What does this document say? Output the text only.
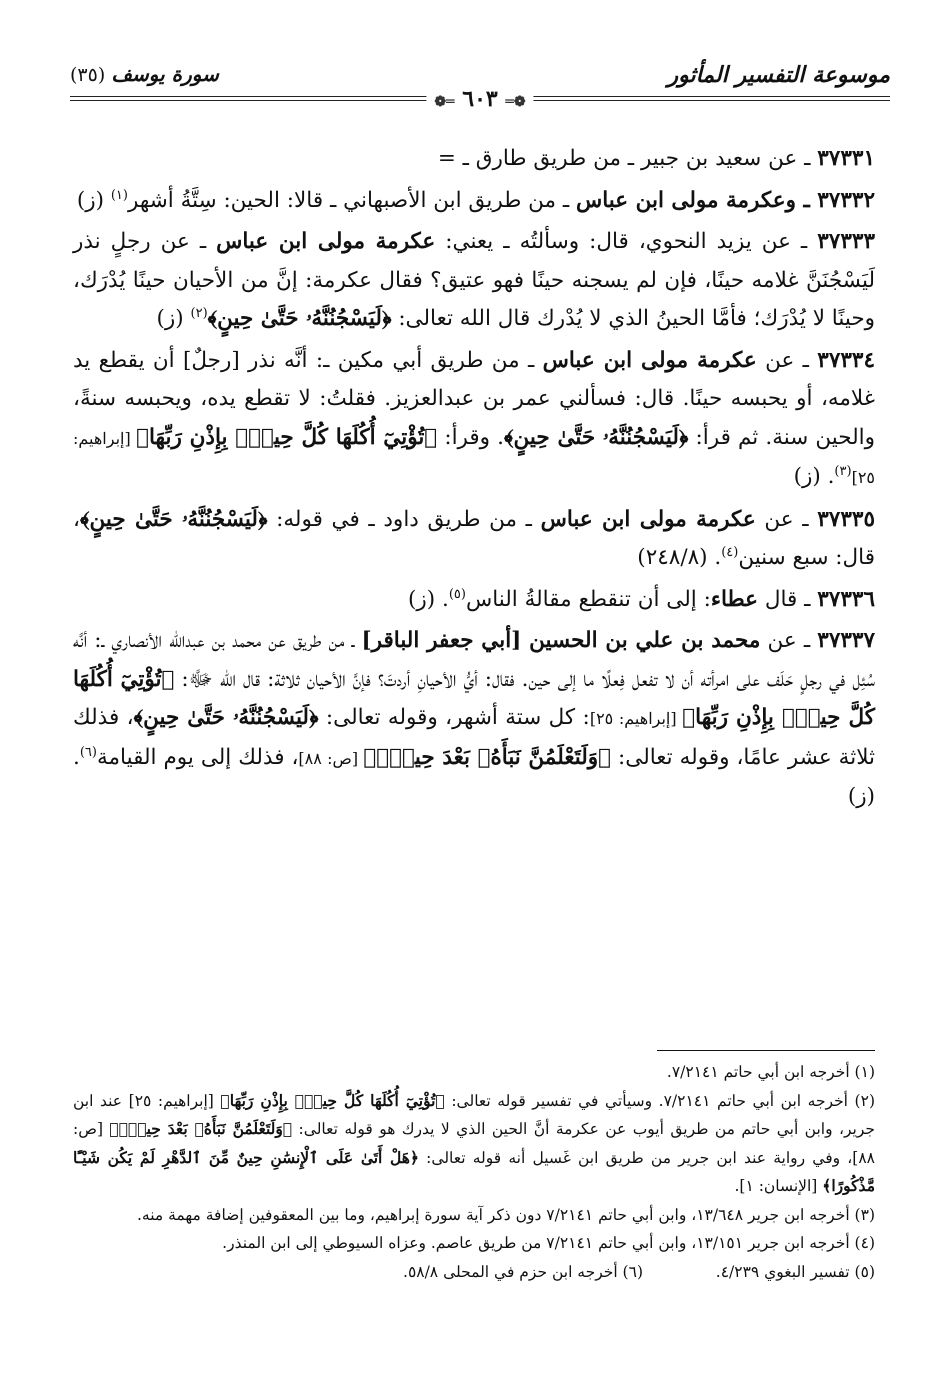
موسوعة التفسير المأثور
سورة يوسف (٣٥)
❁═ ٦٠٣ ═❁

٣٧٣٣١ ـ عن سعيد بن جبير ـ من طريق طارق ـ =

٣٧٣٣٢ ـ وعكرمة مولى ابن عباس ـ من طريق ابن الأصبهاني ـ قالا: الحين: سِتَّةُ أشهر$^{(١)}$ (ز)

٣٧٣٣٣ ـ عن يزيد النحوي، قال: وسألتُه ـ يعني: عكرمة مولى ابن عباس ـ عن رجلٍ نذر لَيَسْجُنَنَّ غلامه حينًا، فإن لم يسجنه حينًا فهو عتيق؟ فقال عكرمة: إنَّ من الأحيان حينًا يُدْرَك، وحينًا لا يُدْرَك؛ فأمَّا الحينُ الذي لا يُدْرك قال الله تعالى: ﴿لَيَسْجُنُنَّهُۥ حَتَّىٰ حِينٍ﴾$^{(٢)}$ (ز)

٣٧٣٣٤ ـ عن عكرمة مولى ابن عباس ـ من طريق أبي مكين ـ: أنَّه نذر [رجلٌ] أن يقطع يد غلامه، أو يحبسه حينًا. قال: فسألني عمر بن عبدالعزيز. فقلتُ: لا تقطع يده، ويحبسه سنةً، والحين سنة. ثم قرأ: ﴿لَيَسْجُنُنَّهُۥ حَتَّىٰ حِينٍ﴾. وقرأ: ﴿تُؤْتِيٓ أُكُلَهَا كُلَّ حِينٍۭ بِإِذْنِ رَبِّهَا﴾ [إبراهيم: ٢٥]$^{(٣)}$. (ز)

٣٧٣٣٥ ـ عن عكرمة مولى ابن عباس ـ من طريق داود ـ في قوله: ﴿لَيَسْجُنُنَّهُۥ حَتَّىٰ حِينٍ﴾، قال: سبع سنين$^{(٤)}$. (٢٤٨/٨)

٣٧٣٣٦ ـ قال عطاء: إلى أن تنقطع مقالةُ الناس$^{(٥)}$. (ز)

٣٧٣٣٧ ـ عن محمد بن علي بن الحسين [أبي جعفر الباقر] ـ من طريق عن محمد بن عبدالله الأنصاري ـ: أنَّه سُئِل في رجلٍ حَلَف على امرأته أن لا تفعل فِعلًا ما إلى حين. فقال: أيُّ الأحيانِ أردتَ؟ فإنَّ الأحيان ثلاثة: قال الله ﷻ: ﴿تُؤْتِيٓ أُكُلَهَا كُلَّ حِينٍۭ بِإِذْنِ رَبِّهَا﴾ [إبراهيم: ٢٥]: كل ستة أشهر، وقوله تعالى: ﴿لَيَسْجُنُنَّهُۥ حَتَّىٰ حِينٍ﴾، فذلك ثلاثة عشر عامًا، وقوله تعالى: ﴿وَلَتَعْلَمُنَّ نَبَأَهُۥ بَعْدَ حِينٍۭ﴾ [ص: ٨٨]، فذلك إلى يوم القيامة$^{(٦)}$. (ز)

(١) أخرجه ابن أبي حاتم ٧/٢١٤١.

(٢) أخرجه ابن أبي حاتم ٧/٢١٤١. وسيأتي في تفسير قوله تعالى: ﴿تُؤْتِيٓ أُكُلَهَا كُلَّ حِينٍۭ بِإِذْنِ رَبِّهَا﴾ [إبراهيم: ٢٥] عند ابن جرير، وابن أبي حاتم من طريق أيوب عن عكرمة أنَّ الحين الذي لا يدرك هو قوله تعالى: ﴿وَلَتَعْلَمُنَّ نَبَأَهُۥ بَعْدَ حِينٍۭ﴾ [ص: ٨٨]، وفي رواية عند ابن جرير من طريق ابن غَسيل أنه قوله تعالى: ﴿هَلْ أَتَىٰ عَلَى ٱلْإِنسَٰنِ حِينٌ مِّنَ ٱلدَّهْرِ لَمْ يَكُن شَيْـًٔا مَّذْكُورًا﴾ [الإنسان: ١].

(٣) أخرجه ابن جرير ١٣/٦٤٨، وابن أبي حاتم ٧/٢١٤١ دون ذكر آية سورة إبراهيم، وما بين المعقوفين إضافة مهمة منه.

(٤) أخرجه ابن جرير ١٣/١٥١، وابن أبي حاتم ٧/٢١٤١ من طريق عاصم. وعزاه السيوطي إلى ابن المنذر.

(٥) تفسير البغوي ٤/٢٣٩.

(٦) أخرجه ابن حزم في المحلى ٥٨/٨.
